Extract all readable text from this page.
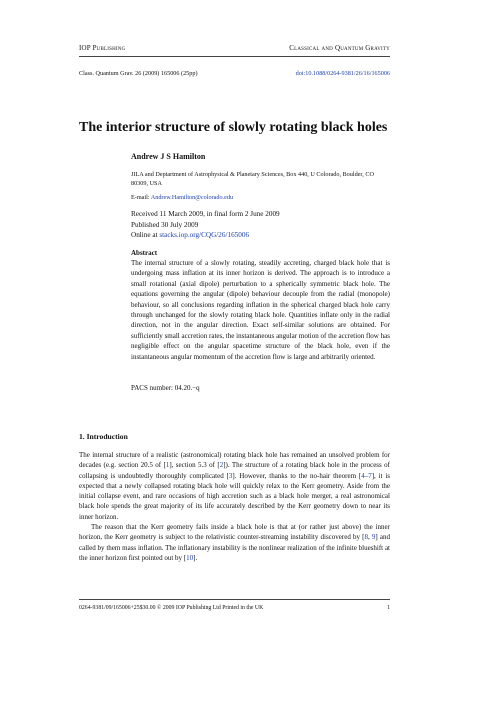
IOP Publishing	Classical and Quantum Gravity
Class. Quantum Grav. 26 (2009) 165006 (25pp)	doi:10.1088/0264-9381/26/16/165006
The interior structure of slowly rotating black holes
Andrew J S Hamilton
JILA and Deptartment of Astrophysical & Planetary Sciences, Box 440, U Colorado, Boulder, CO 80309, USA
E-mail: Andrew.Hamilton@colorado.edu
Received 11 March 2009, in final form 2 June 2009
Published 30 July 2009
Online at stacks.iop.org/CQG/26/165006
Abstract
The internal structure of a slowly rotating, steadily accreting, charged black hole that is undergoing mass inflation at its inner horizon is derived. The approach is to introduce a small rotational (axial dipole) perturbation to a spherically symmetric black hole. The equations governing the angular (dipole) behaviour decouple from the radial (monopole) behaviour, so all conclusions regarding inflation in the spherical charged black hole carry through unchanged for the slowly rotating black hole. Quantities inflate only in the radial direction, not in the angular direction. Exact self-similar solutions are obtained. For sufficiently small accretion rates, the instantaneous angular motion of the accretion flow has negligible effect on the angular spacetime structure of the black hole, even if the instantaneous angular momentum of the accretion flow is large and arbitrarily oriented.
PACS number: 04.20.−q
1. Introduction

The internal structure of a realistic (astronomical) rotating black hole has remained an unsolved problem for decades (e.g. section 20.5 of [1], section 5.3 of [2]). The structure of a rotating black hole in the process of collapsing is undoubtedly thoroughly complicated [3]. However, thanks to the no-hair theorem [4–7], it is expected that a newly collapsed rotating black hole will quickly relax to the Kerr geometry. Aside from the initial collapse event, and rare occasions of high accretion such as a black hole merger, a real astronomical black hole spends the great majority of its life accurately described by the Kerr geometry down to near its inner horizon.

The reason that the Kerr geometry fails inside a black hole is that at (or rather just above) the inner horizon, the Kerr geometry is subject to the relativistic counter-streaming instability discovered by [8, 9] and called by them mass inflation. The inflationary instability is the nonlinear realization of the infinite blueshift at the inner horizon first pointed out by [10].

0264-9381/09/165006+25$30.00 © 2009 IOP Publishing Ltd Printed in the UK	1
